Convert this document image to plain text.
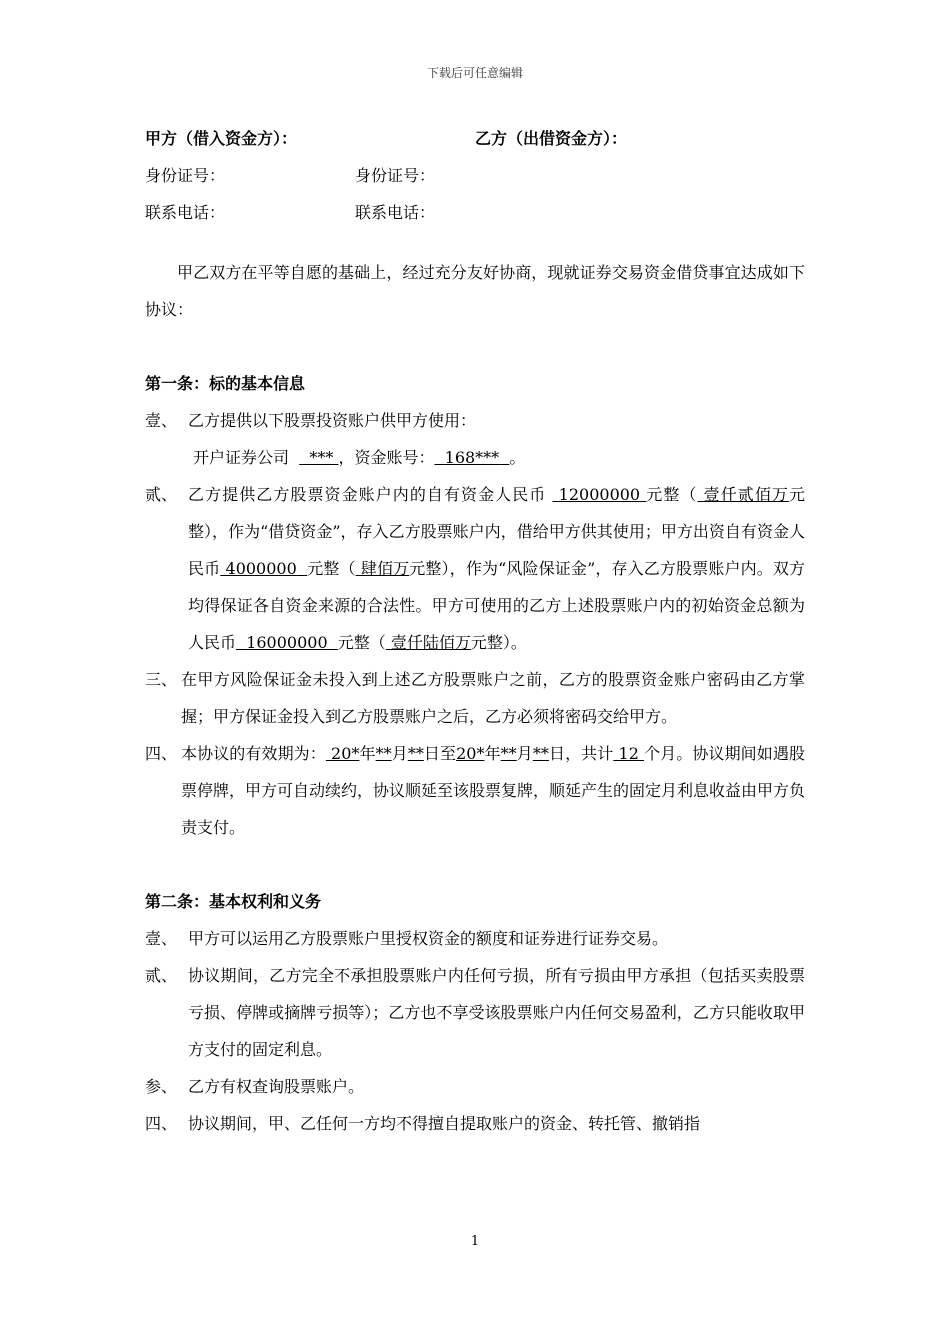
下载后可任意编辑
甲方（借入资金方）：	乙方（出借资金方）：
身份证号：	身份证号：
联系电话：	联系电话：
甲乙双方在平等自愿的基础上，经过充分友好协商，现就证券交易资金借贷事宜达成如下协议：
第一条：标的基本信息
壹、 乙方提供以下股票投资账户供甲方使用：
开户证券公司 *** ，资金账号： 168*** 。
贰、 乙方提供乙方股票资金账户内的自有资金人民币 12000000 元整（ 壹仟贰佰万元整），作为“借贷资金”，存入乙方股票账户内，借给甲方供其使用；甲方出资自有资金人民币 4000000 元整（ 肆佰万元整），作为“风险保证金”，存入乙方股票账户内。双方均得保证各自资金来源的合法性。甲方可使用的乙方上述股票账户内的初始资金总额为人民币 16000000 元整（ 壹仟陆佰万元整）。
三、 在甲方风险保证金未投入到上述乙方股票账户之前，乙方的股票资金账户密码由乙方掌握；甲方保证金投入到乙方股票账户之后，乙方必须将密码交给甲方。
四、 本协议的有效期为： 20*年**月**日至20*年**月**日，共计 12 个月。协议期间如遇股票停牌，甲方可自动续约，协议顺延至该股票复牌，顺延产生的固定月利息收益由甲方负责支付。
第二条：基本权利和义务
壹、 甲方可以运用乙方股票账户里授权资金的额度和证券进行证券交易。
贰、 协议期间，乙方完全不承担股票账户内任何亏损，所有亏损由甲方承担（包括买卖股票亏损、停牌或摘牌亏损等）；乙方也不享受该股票账户内任何交易盈利，乙方只能收取甲方支付的固定利息。
参、 乙方有权查询股票账户。
四、 协议期间，甲、乙任何一方均不得擅自提取账户的资金、转托管、撤销指
1
